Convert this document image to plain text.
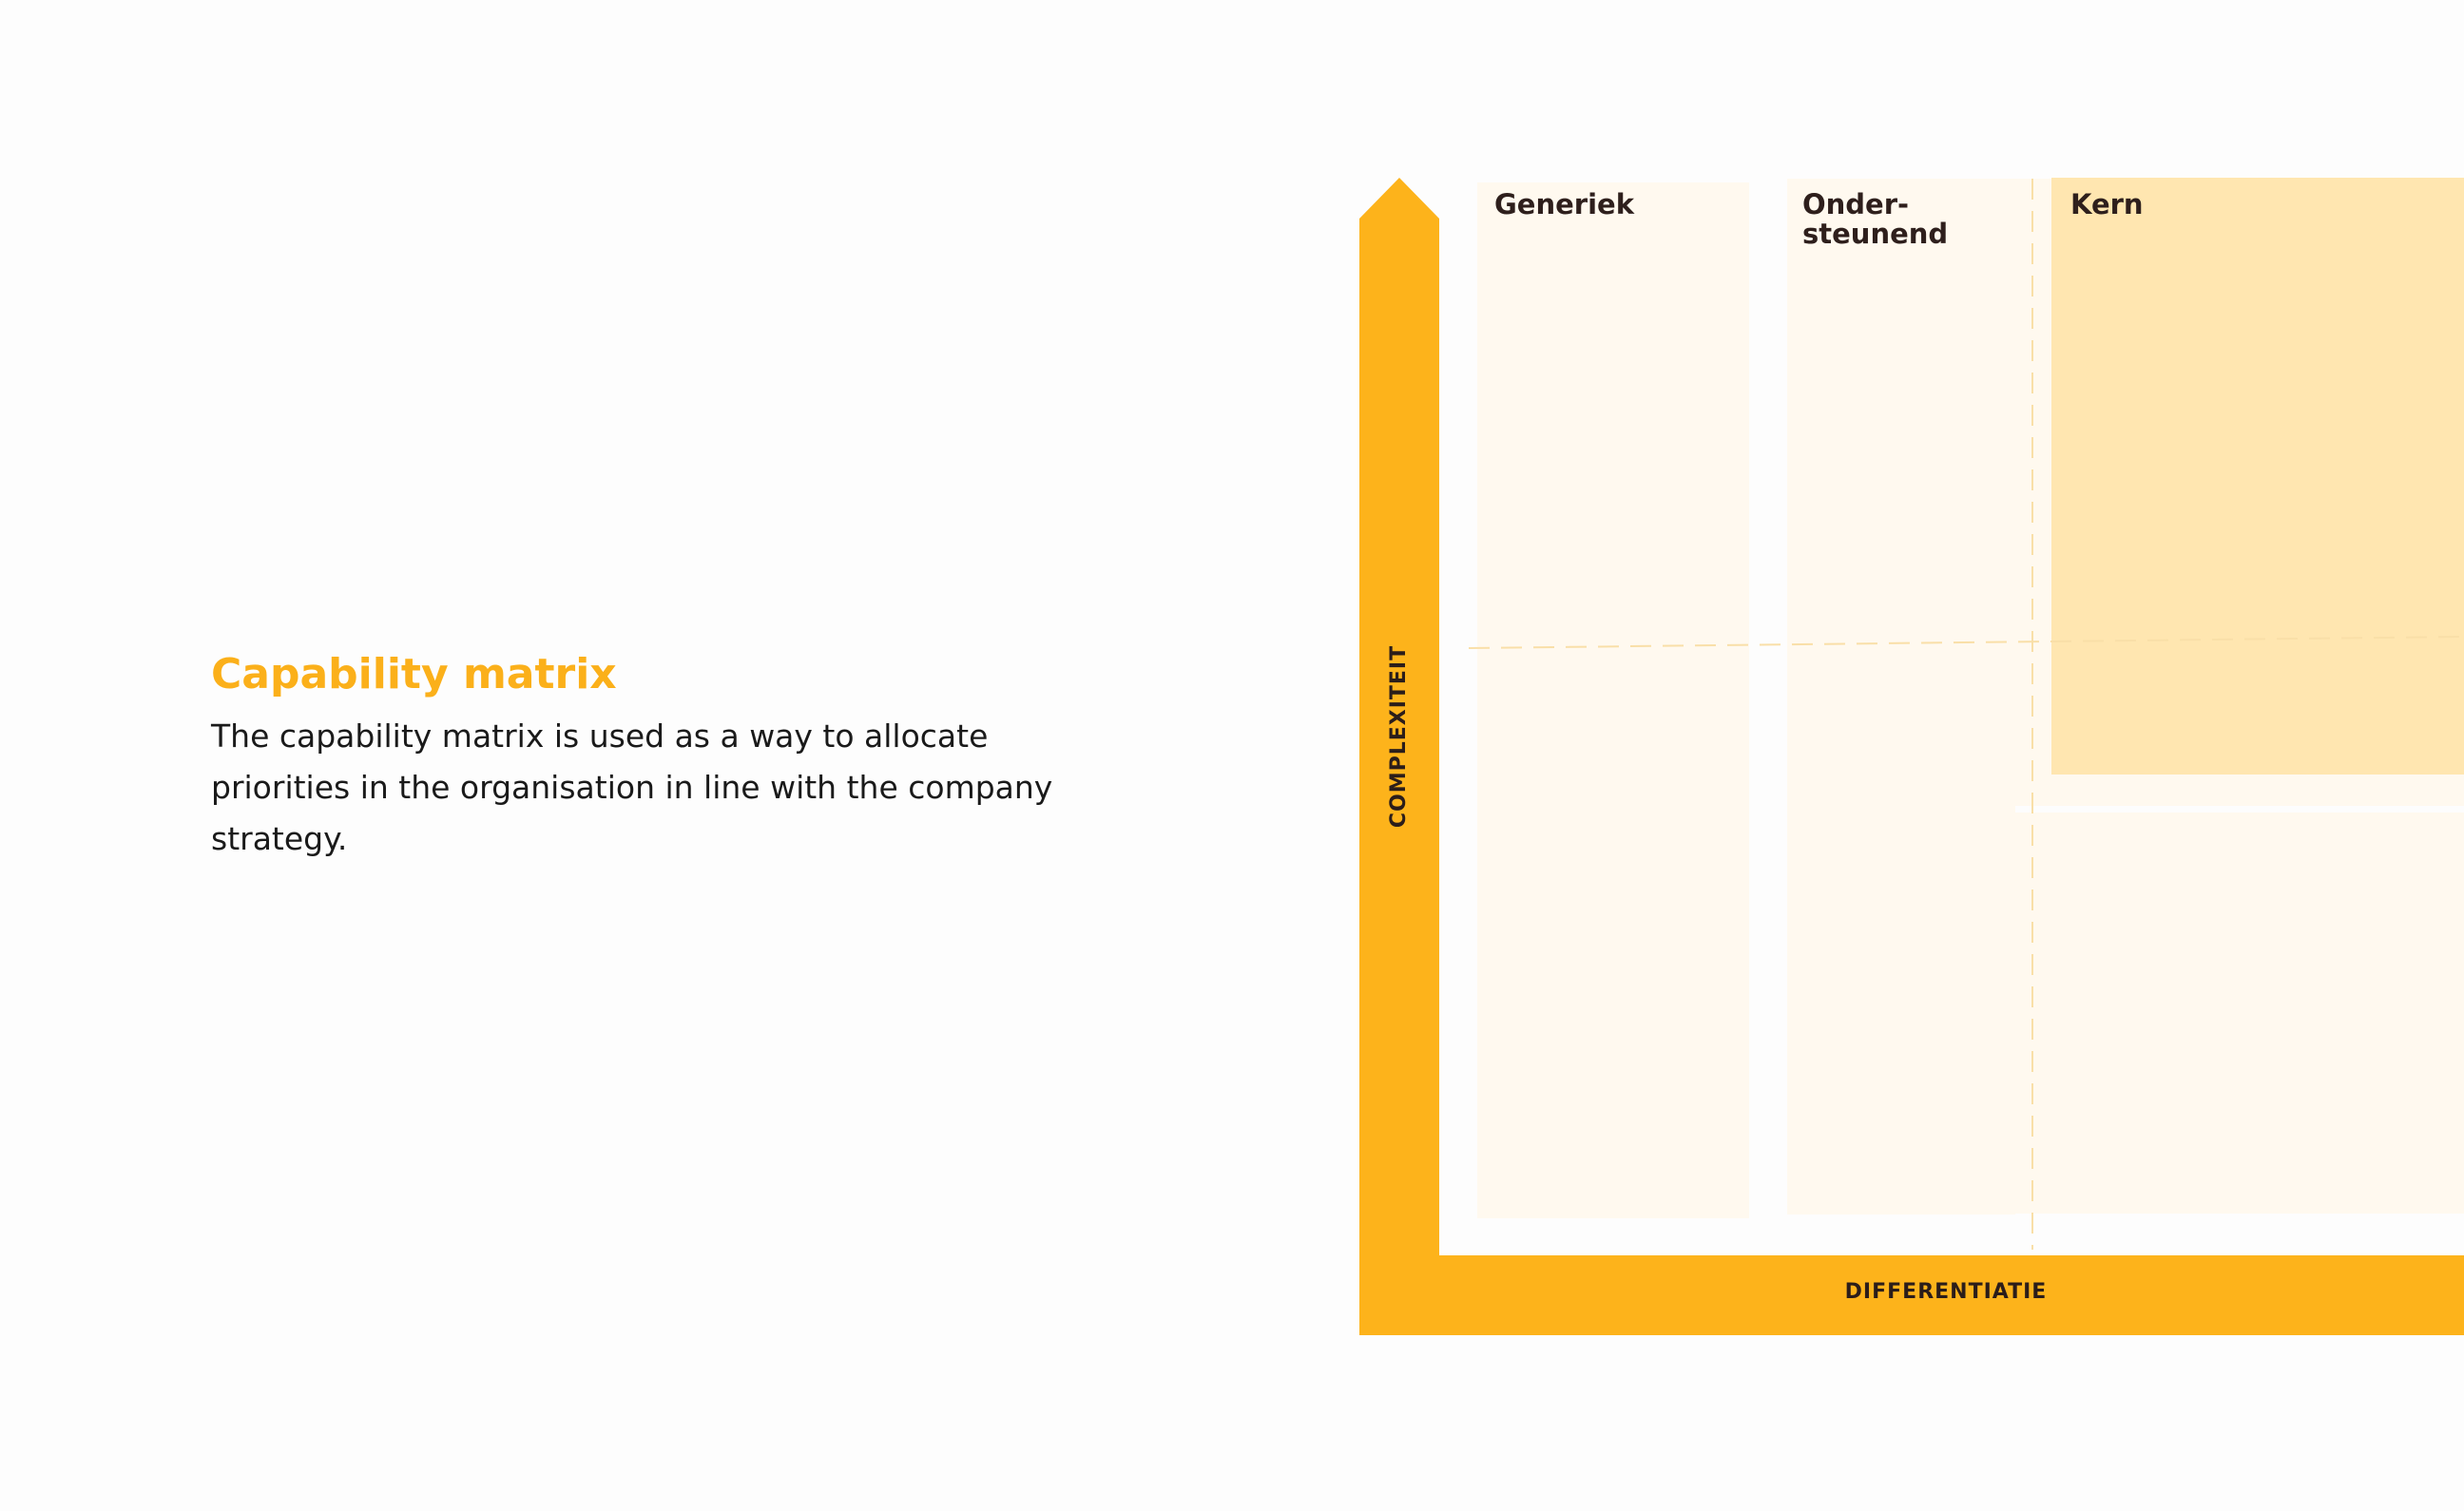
Capability matrix

The capability matrix is used as a way to allocate priorities in the organisation in line with the company strategy.

COMPLEXITEIT
DIFFERENTIATIE
Generiek	Onder-
steunend
Kern
